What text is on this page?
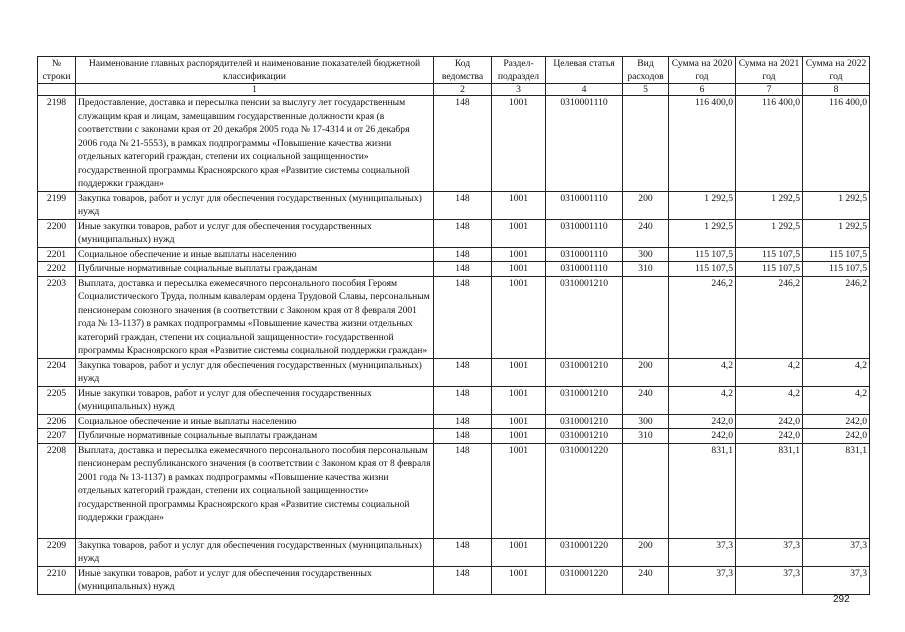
№ строки	Наименование главных распорядителей и наименование показателей бюджетной классификации	Код ведомства	Раздел-подраздел	Целевая статья	Вид расходов	Сумма на 2020 год	Сумма на 2021 год	Сумма на 2022 год
	1	2	3	4	5	6	7	8
2198	Предоставление, доставка и пересылка пенсии за выслугу лет государственным служащим края и лицам, замещавшим государственные должности края (в соответствии с законами края от 20 декабря 2005 года № 17-4314 и от 26 декабря 2006 года № 21-5553), в рамках подпрограммы «Повышение качества жизни отдельных категорий граждан, степени их социальной защищенности» государственной программы Красноярского края «Развитие системы социальной поддержки граждан»	148	1001	0310001110		116 400,0	116 400,0	116 400,0
2199	Закупка товаров, работ и услуг для обеспечения государственных (муниципальных) нужд	148	1001	0310001110	200	1 292,5	1 292,5	1 292,5
2200	Иные закупки товаров, работ и услуг для обеспечения государственных (муниципальных) нужд	148	1001	0310001110	240	1 292,5	1 292,5	1 292,5
2201	Социальное обеспечение и иные выплаты населению	148	1001	0310001110	300	115 107,5	115 107,5	115 107,5
2202	Публичные нормативные социальные выплаты гражданам	148	1001	0310001110	310	115 107,5	115 107,5	115 107,5
2203	Выплата, доставка и пересылка ежемесячного персонального пособия Героям Социалистического Труда, полным кавалерам ордена Трудовой Славы, персональным пенсионерам союзного значения (в соответствии с Законом края от 8 февраля 2001 года № 13-1137) в рамках подпрограммы «Повышение качества жизни отдельных категорий граждан, степени их социальной защищенности» государственной программы Красноярского края «Развитие системы социальной поддержки граждан»	148	1001	0310001210		246,2	246,2	246,2
2204	Закупка товаров, работ и услуг для обеспечения государственных (муниципальных) нужд	148	1001	0310001210	200	4,2	4,2	4,2
2205	Иные закупки товаров, работ и услуг для обеспечения государственных (муниципальных) нужд	148	1001	0310001210	240	4,2	4,2	4,2
2206	Социальное обеспечение и иные выплаты населению	148	1001	0310001210	300	242,0	242,0	242,0
2207	Публичные нормативные социальные выплаты гражданам	148	1001	0310001210	310	242,0	242,0	242,0
2208	Выплата, доставка и пересылка ежемесячного персонального пособия персональным пенсионерам республиканского значения (в соответствии с Законом края от 8 февраля 2001 года № 13-1137) в рамках подпрограммы «Повышение качества жизни отдельных категорий граждан, степени их социальной защищенности» государственной программы Красноярского края «Развитие системы социальной поддержки граждан»	148	1001	0310001220		831,1	831,1	831,1
2209	Закупка товаров, работ и услуг для обеспечения государственных (муниципальных) нужд	148	1001	0310001220	200	37,3	37,3	37,3
2210	Иные закупки товаров, работ и услуг для обеспечения государственных (муниципальных) нужд	148	1001	0310001220	240	37,3	37,3	37,3
292
